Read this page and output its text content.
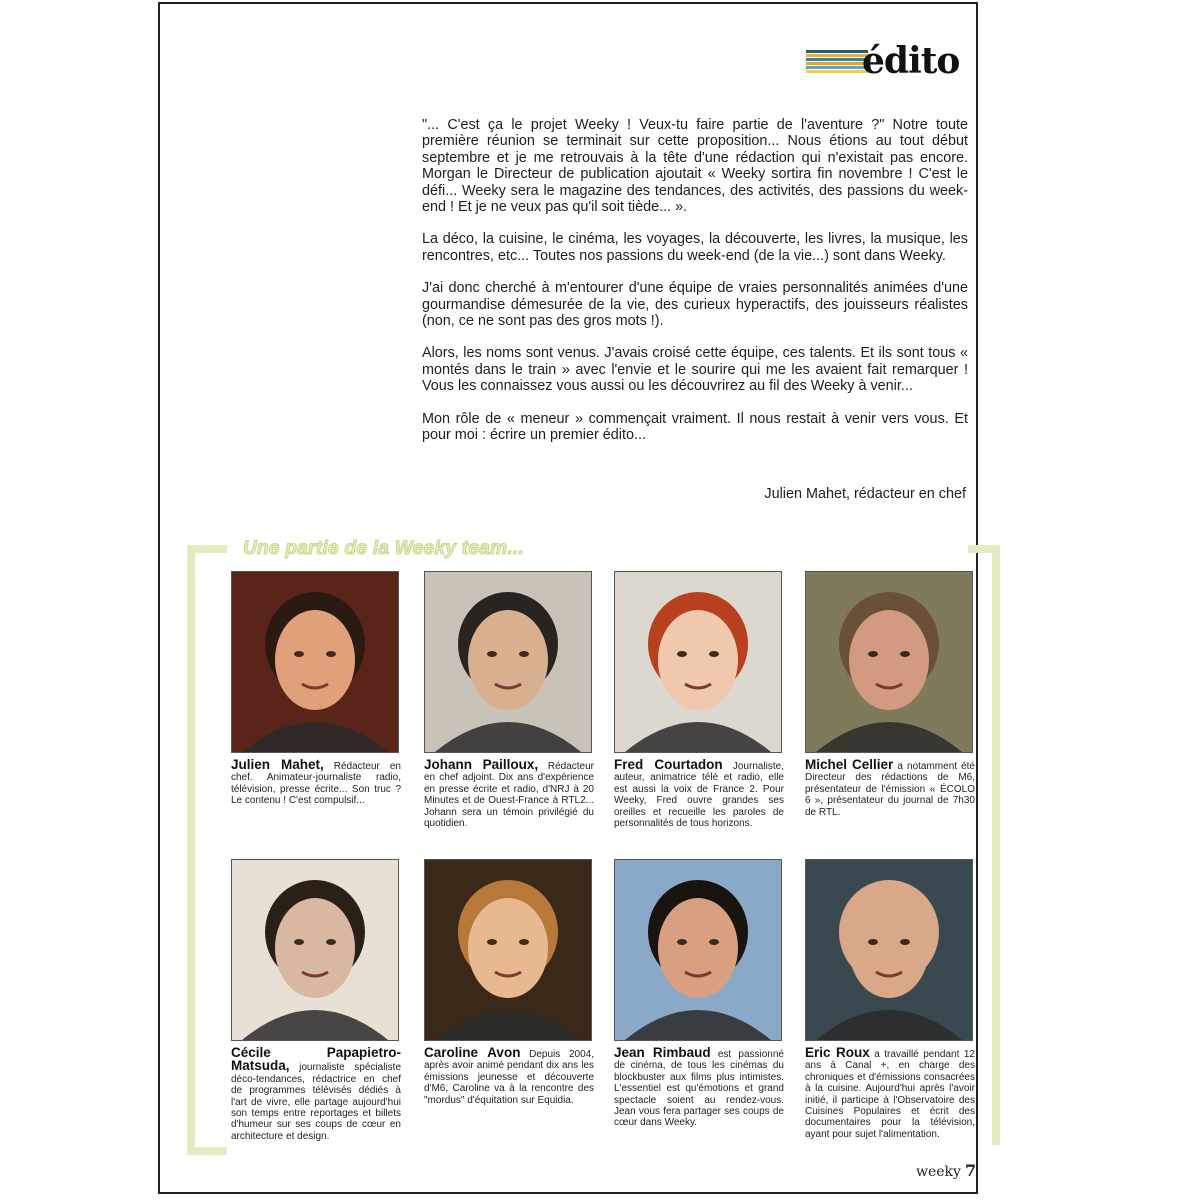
édito

"... C'est ça le projet Weeky ! Veux-tu faire partie de l'aventure ?" Notre toute première réunion se terminait sur cette proposition... Nous étions au tout début septembre et je me retrouvais à la tête d'une rédaction qui n'existait pas encore. Morgan le Directeur de publication ajoutait « Weeky sortira fin novembre ! C'est le défi... Weeky sera le magazine des tendances, des activités, des passions du week-end ! Et je ne veux pas qu'il soit tiède... ».

La déco, la cuisine, le cinéma, les voyages, la découverte, les livres, la musique, les rencontres, etc... Toutes nos passions du week-end (de la vie...) sont dans Weeky.

J'ai donc cherché à m'entourer d'une équipe de vraies personnalités animées d'une gourmandise démesurée de la vie, des curieux hyperactifs, des jouisseurs réalistes (non, ce ne sont pas des gros mots !).

Alors, les noms sont venus. J'avais croisé cette équipe, ces talents. Et ils sont tous « montés dans le train » avec l'envie et le sourire qui me les avaient fait remarquer ! Vous les connaissez vous aussi ou les découvrirez au fil des Weeky à venir...

Mon rôle de « meneur » commençait vraiment. Il nous restait à venir vers vous. Et pour moi : écrire un premier édito...

Julien Mahet, rédacteur en chef
Une partie de la Weeky team...
Julien Mahet, Rédacteur en chef. Animateur-journaliste radio, télévision, presse écrite... Son truc ? Le contenu ! C'est compulsif...
Johann Pailloux, Rédacteur en chef adjoint. Dix ans d'expérience en presse écrite et radio, d'NRJ à 20 Minutes et de Ouest-France à RTL2... Johann sera un témoin privilégié du quotidien.
Fred Courtadon Journaliste, auteur, animatrice télé et radio, elle est aussi la voix de France 2. Pour Weeky, Fred ouvre grandes ses oreilles et recueille les paroles de personnalités de tous horizons.
Michel Cellier a notamment été Directeur des rédactions de M6, présentateur de l'émission « ÉCOLO 6 », présentateur du journal de 7h30 de RTL.
Cécile Papapietro-Matsuda, journaliste spécialiste déco-tendances, rédactrice en chef de programmes télévisés dédiés à l'art de vivre, elle partage aujourd'hui son temps entre reportages et billets d'humeur sur ses coups de cœur en architecture et design.
Caroline Avon Depuis 2004, après avoir animé pendant dix ans les émissions jeunesse et découverte d'M6, Caroline va à la rencontre des "mordus" d'équitation sur Equidia.
Jean Rimbaud est passionné de cinéma, de tous les cinémas du blockbuster aux films plus intimistes. L'essentiel est qu'émotions et grand spectacle soient au rendez-vous. Jean vous fera partager ses coups de cœur dans Weeky.
Eric Roux a travaillé pendant 12 ans à Canal +, en charge des chroniques et d'émissions consacrées à la cuisine. Aujourd'hui après l'avoir initié, il participe à l'Observatoire des Cuisines Populaires et écrit des documentaires pour la télévision, ayant pour sujet l'alimentation.
weeky 7
